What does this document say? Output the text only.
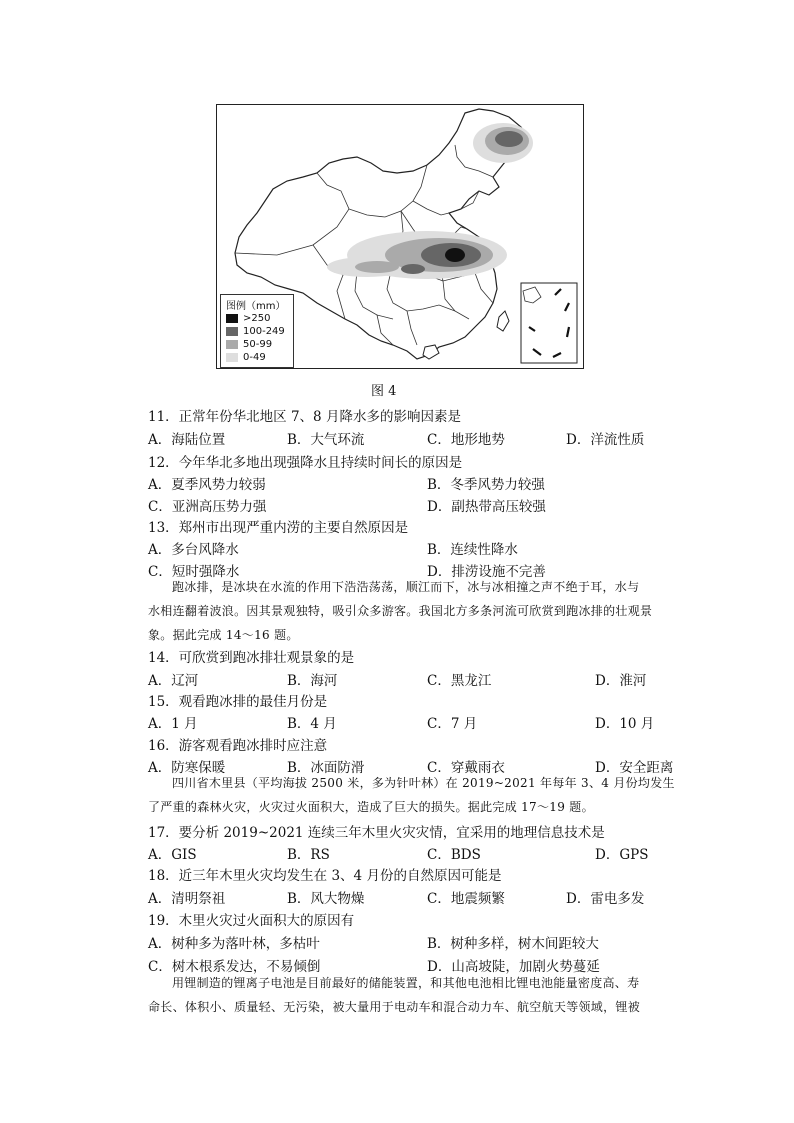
图例（mm）
>250
100-249
50-99
0-49
图 4
11．正常年份华北地区 7、8 月降水多的影响因素是
A．海陆位置	B．大气环流	C．地形地势	D．洋流性质
12．今年华北多地出现强降水且持续时间长的原因是
A．夏季风势力较弱	B．冬季风势力较强
C．亚洲高压势力强	D．副热带高压较强
13．郑州市出现严重内涝的主要自然原因是
A．多台风降水	B．连续性降水
C．短时强降水	D．排涝设施不完善
跑冰排，是冰块在水流的作用下浩浩荡荡，顺江而下，冰与冰相撞之声不绝于耳，水与
水相连翻着波浪。因其景观独特，吸引众多游客。我国北方多条河流可欣赏到跑冰排的壮观景
象。据此完成 14～16 题。
14．可欣赏到跑冰排壮观景象的是
A．辽河	B．海河	C．黑龙江	D．淮河
15．观看跑冰排的最佳月份是
A．1 月	B．4 月	C．7 月	D．10 月
16．游客观看跑冰排时应注意
A．防寒保暖	B．冰面防滑	C．穿戴雨衣	D．安全距离
四川省木里县（平均海拔 2500 米，多为针叶林）在 2019~2021 年每年 3、4 月份均发生
了严重的森林火灾，火灾过火面积大，造成了巨大的损失。据此完成 17～19 题。
17．要分析 2019~2021 连续三年木里火灾灾情，宜采用的地理信息技术是
A．GIS	B．RS	C．BDS	D．GPS
18．近三年木里火灾均发生在 3、4 月份的自然原因可能是
A．清明祭祖	B．风大物燥	C．地震频繁	D．雷电多发
19．木里火灾过火面积大的原因有
A．树种多为落叶林，多枯叶	B．树种多样，树木间距较大
C．树木根系发达，不易倾倒	D．山高坡陡，加剧火势蔓延
用锂制造的锂离子电池是目前最好的储能装置，和其他电池相比锂电池能量密度高、寿
命长、体积小、质量轻、无污染，被大量用于电动车和混合动力车、航空航天等领域，锂被
